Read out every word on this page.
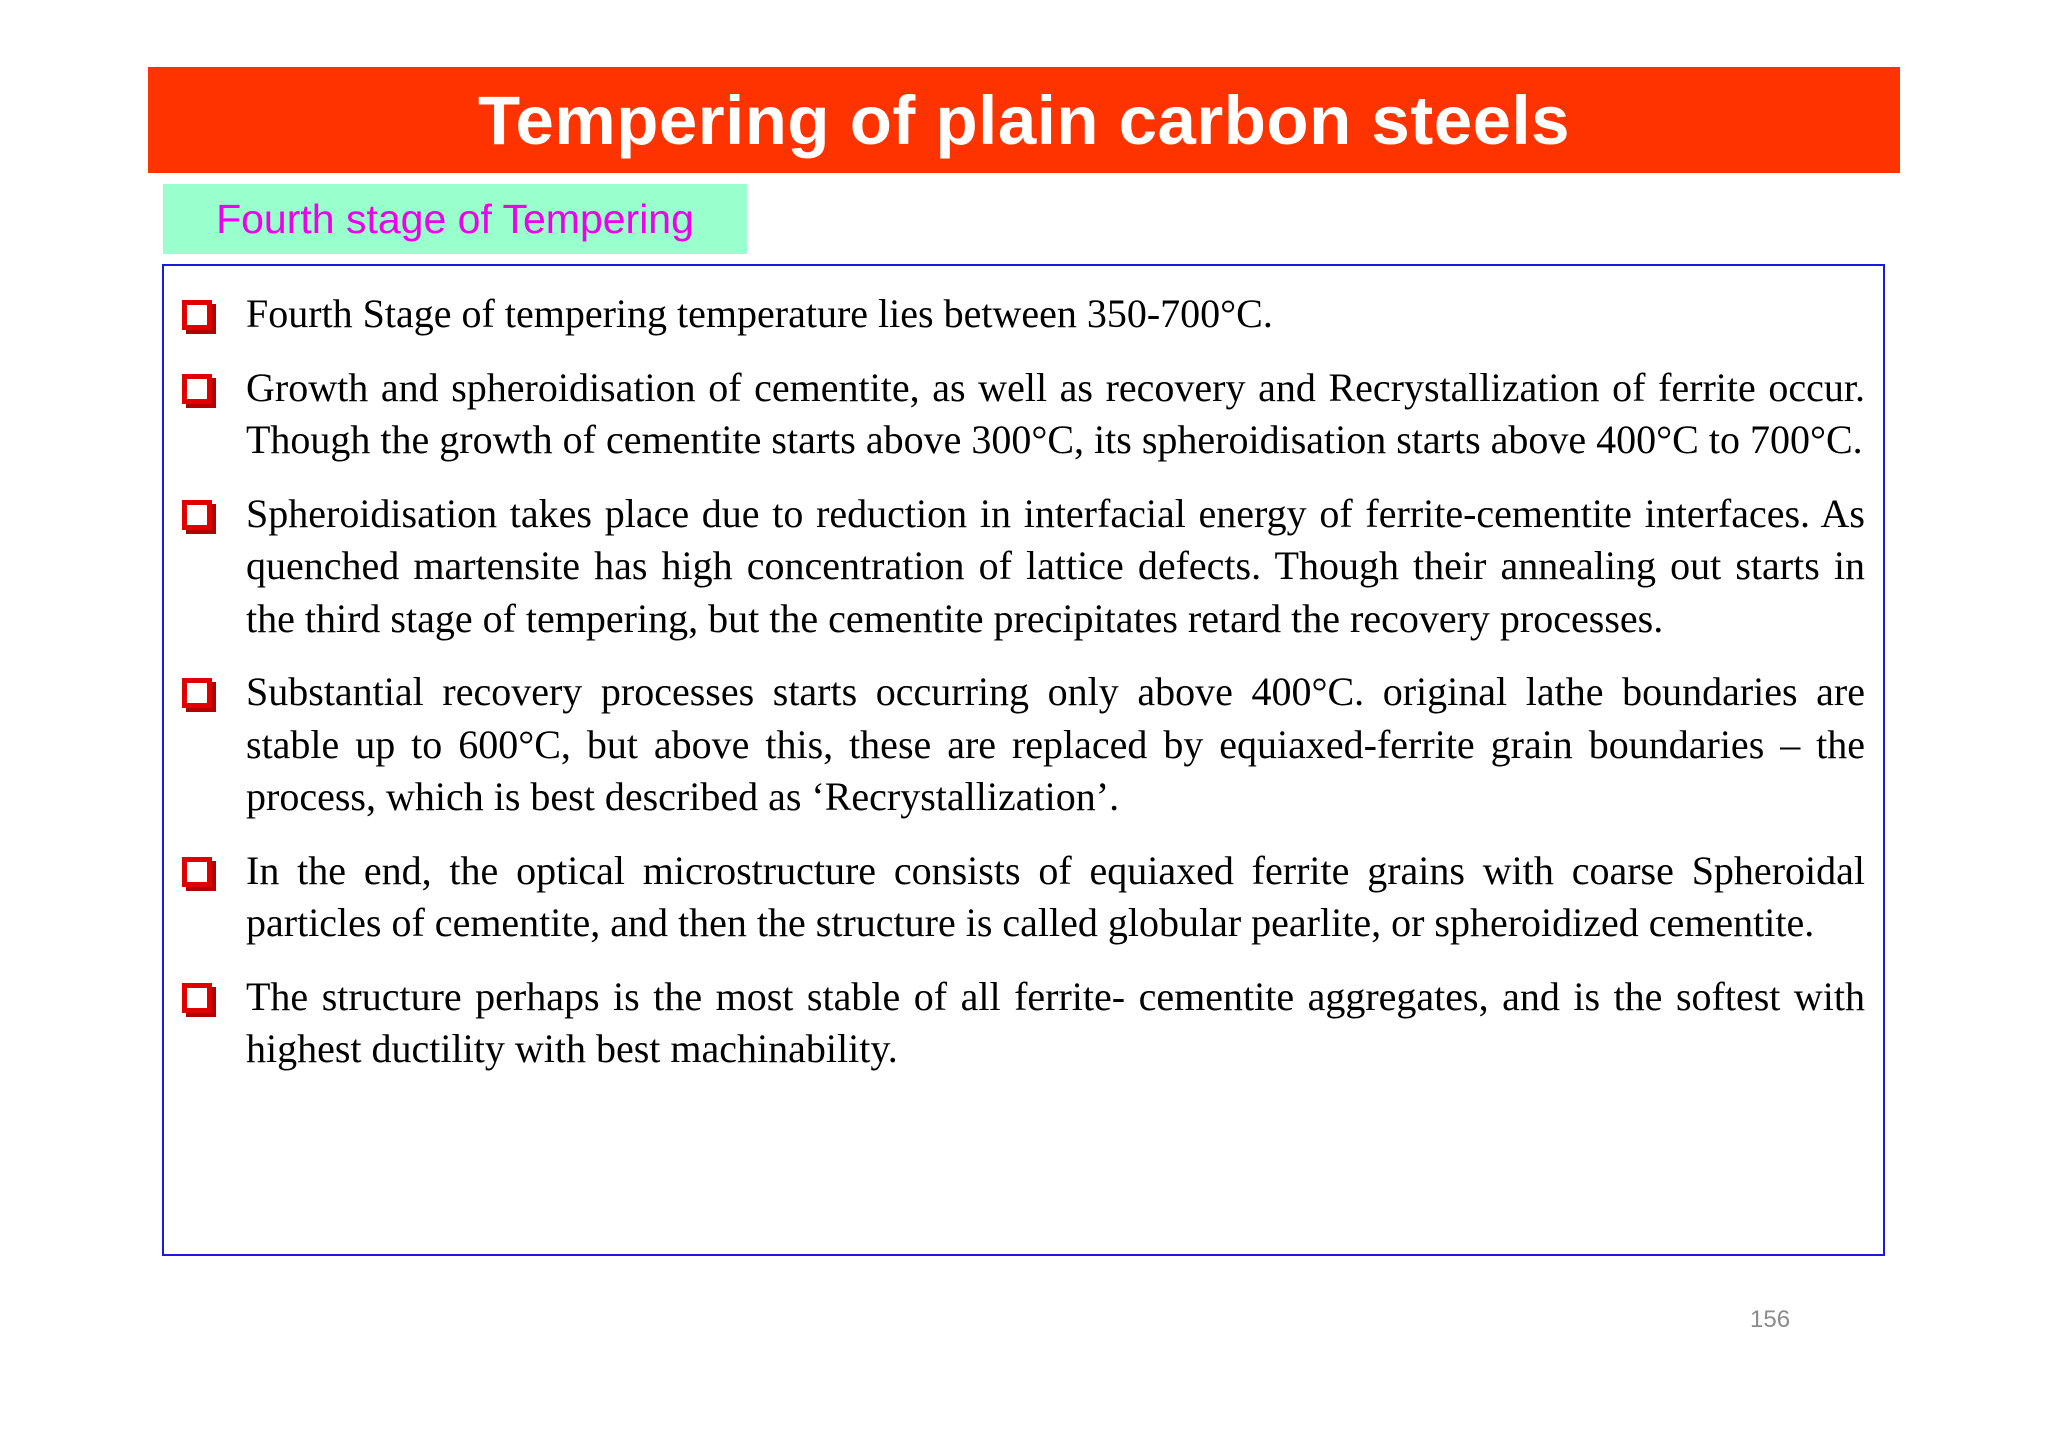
Tempering of plain carbon steels
Fourth stage of Tempering
Fourth Stage of tempering temperature lies between 350-700°C.
Growth and spheroidisation of cementite, as well as recovery and Recrystallization of ferrite occur. Though the growth of cementite starts above 300°C, its spheroidisation starts above 400°C to 700°C.
Spheroidisation takes place due to reduction in interfacial energy of ferrite-cementite interfaces. As quenched martensite has high concentration of lattice defects. Though their annealing out starts in the third stage of tempering, but the cementite precipitates retard the recovery processes.
Substantial recovery processes starts occurring only above 400°C. original lathe boundaries are stable up to 600°C, but above this, these are replaced by equiaxed-ferrite grain boundaries – the process, which is best described as ‘Recrystallization’.
In the end, the optical microstructure consists of equiaxed ferrite grains with coarse Spheroidal particles of cementite, and then the structure is called globular pearlite, or spheroidized cementite.
The structure perhaps is the most stable of all ferrite- cementite aggregates, and is the softest with highest ductility with best machinability.
156
